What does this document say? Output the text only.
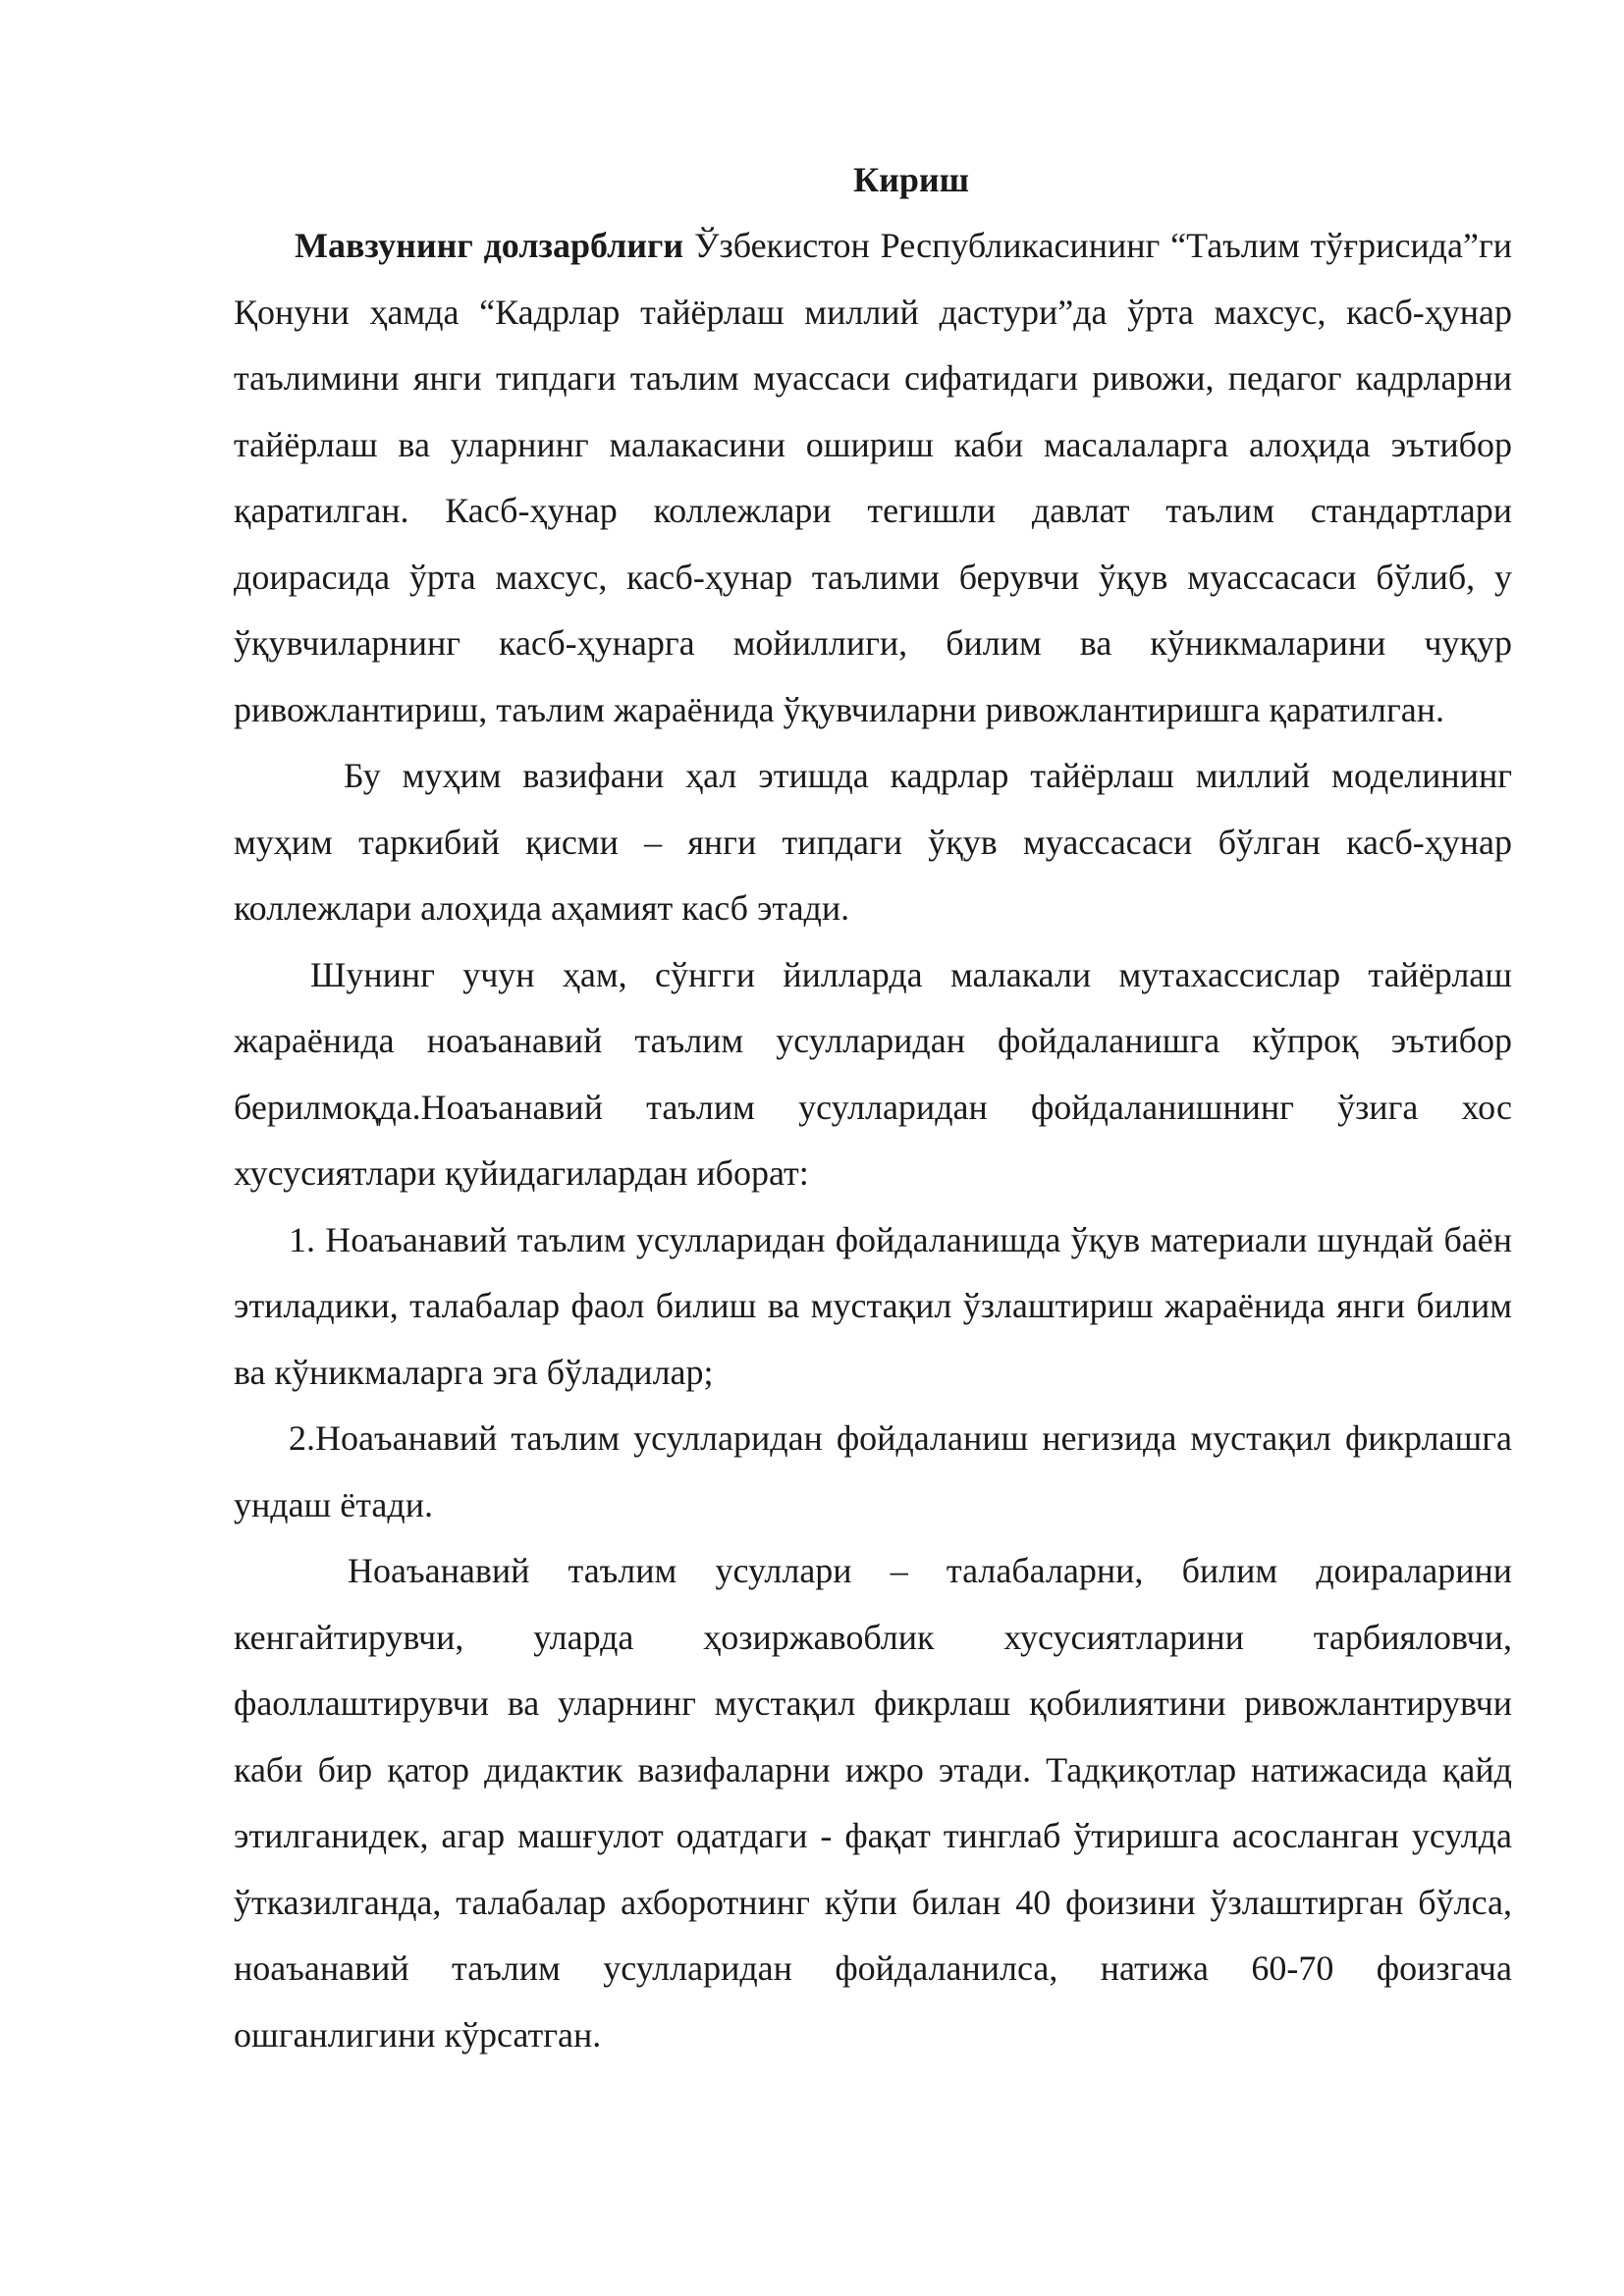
Кириш

Мавзунинг долзарблиги Ўзбекистон Республикасининг “Таълим тўғрисида”ги Қонуни ҳамда “Кадрлар тайёрлаш миллий дастури”да ўрта махсус, касб-ҳунар таълимини янги типдаги таълим муассаси сифатидаги ривожи, педагог кадрларни тайёрлаш ва уларнинг малакасини ошириш каби масалаларга алоҳида эътибор қаратилган. Касб-ҳунар коллежлари тегишли давлат таълим стандартлари доирасида ўрта махсус, касб-ҳунар таълими берувчи ўқув муассасаси бўлиб, у ўқувчиларнинг касб-ҳунарга мойиллиги, билим ва кўникмаларини чуқур ривожлантириш, таълим жараёнида ўқувчиларни ривожлантиришга қаратилган.

Бу муҳим вазифани ҳал этишда кадрлар тайёрлаш миллий моделининг муҳим таркибий қисми – янги типдаги ўқув муассасаси бўлган касб-ҳунар коллежлари алоҳида аҳамият касб этади.

Шунинг учун ҳам, сўнгги йилларда малакали мутахассислар тайёрлаш жараёнида ноаъанавий таълим усулларидан фойдаланишга кўпроқ эътибор берилмоқда.Ноаъанавий таълим усулларидан фойдаланишнинг ўзига хос хусусиятлари қуйидагилардан иборат:

1. Ноаъанавий таълим усулларидан фойдаланишда ўқув материали шундай баён этиладики, талабалар фаол билиш ва мустақил ўзлаштириш жараёнида янги билим ва кўникмаларга эга бўладилар;

2.Ноаъанавий таълим усулларидан фойдаланиш негизида мустақил фикрлашга ундаш ётади.

Ноаъанавий таълим усуллари – талабаларни, билим доираларини кенгайтирувчи, уларда ҳозиржавоблик хусусиятларини тарбияловчи, фаоллаштирувчи ва уларнинг мустақил фикрлаш қобилиятини ривожлантирувчи каби бир қатор дидактик вазифаларни ижро этади. Тадқиқотлар натижасида қайд этилганидек, агар машғулот одатдаги - фақат тинглаб ўтиришга асосланган усулда ўтказилганда, талабалар ахборотнинг кўпи билан 40 фоизини ўзлаштирган бўлса, ноаъанавий таълим усулларидан фойдаланилса, натижа 60-70 фоизгача ошганлигини кўрсатган.
